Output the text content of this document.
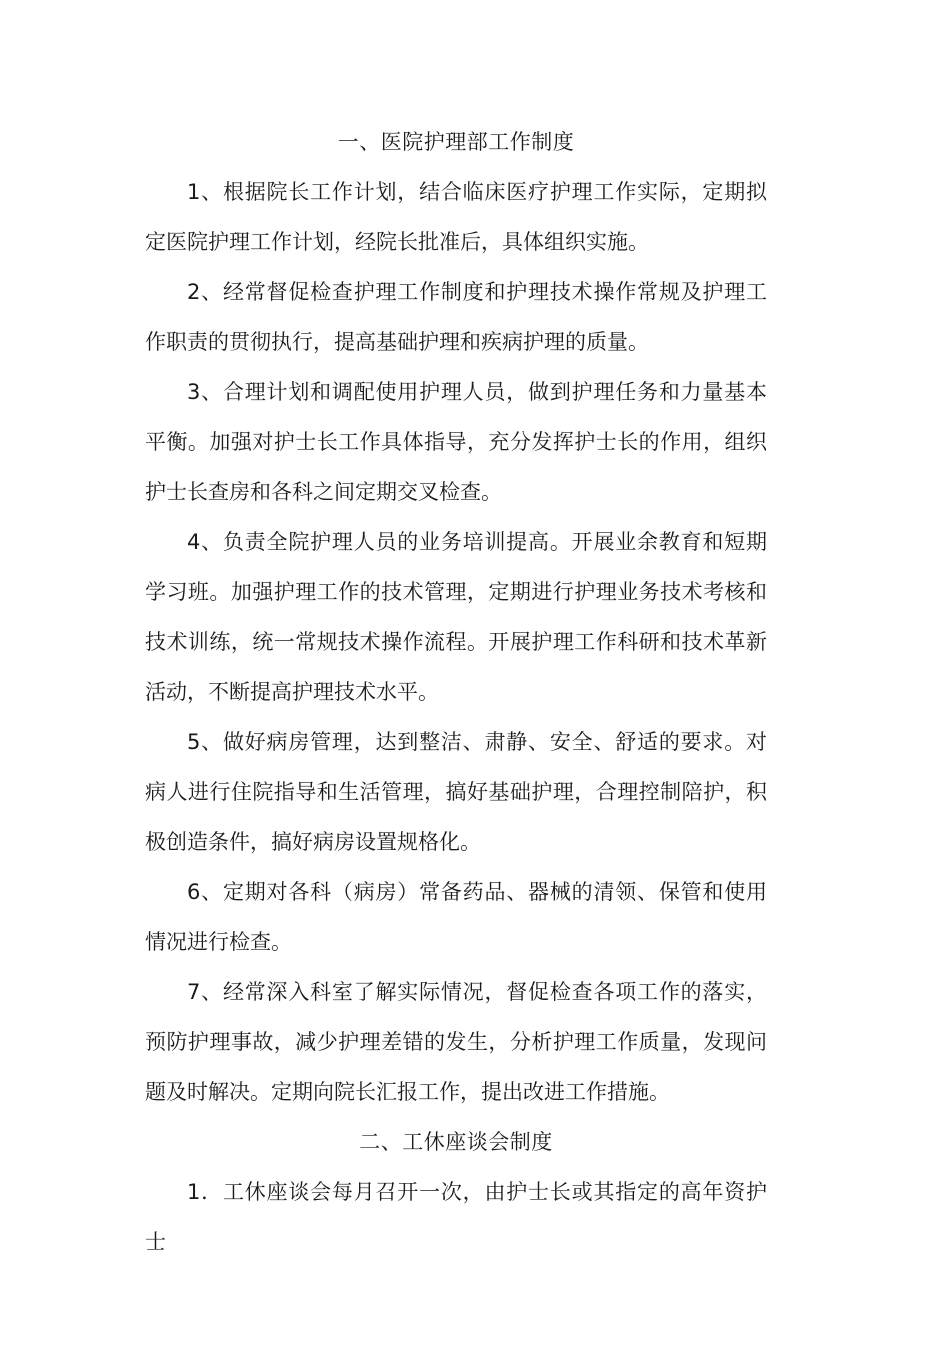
一、医院护理部工作制度

1、根据院长工作计划，结合临床医疗护理工作实际，定期拟定医院护理工作计划，经院长批准后，具体组织实施。

2、经常督促检查护理工作制度和护理技术操作常规及护理工作职责的贯彻执行，提高基础护理和疾病护理的质量。

3、合理计划和调配使用护理人员，做到护理任务和力量基本平衡。加强对护士长工作具体指导，充分发挥护士长的作用，组织护士长查房和各科之间定期交叉检查。

4、负责全院护理人员的业务培训提高。开展业余教育和短期学习班。加强护理工作的技术管理，定期进行护理业务技术考核和技术训练，统一常规技术操作流程。开展护理工作科研和技术革新活动，不断提高护理技术水平。

5、做好病房管理，达到整洁、肃静、安全、舒适的要求。对病人进行住院指导和生活管理，搞好基础护理，合理控制陪护，积极创造条件，搞好病房设置规格化。

6、定期对各科（病房）常备药品、器械的清领、保管和使用情况进行检查。

7、经常深入科室了解实际情况，督促检查各项工作的落实，预防护理事故，减少护理差错的发生，分析护理工作质量，发现问题及时解决。定期向院长汇报工作，提出改进工作措施。

二、工休座谈会制度

1．工休座谈会每月召开一次，由护士长或其指定的高年资护士
